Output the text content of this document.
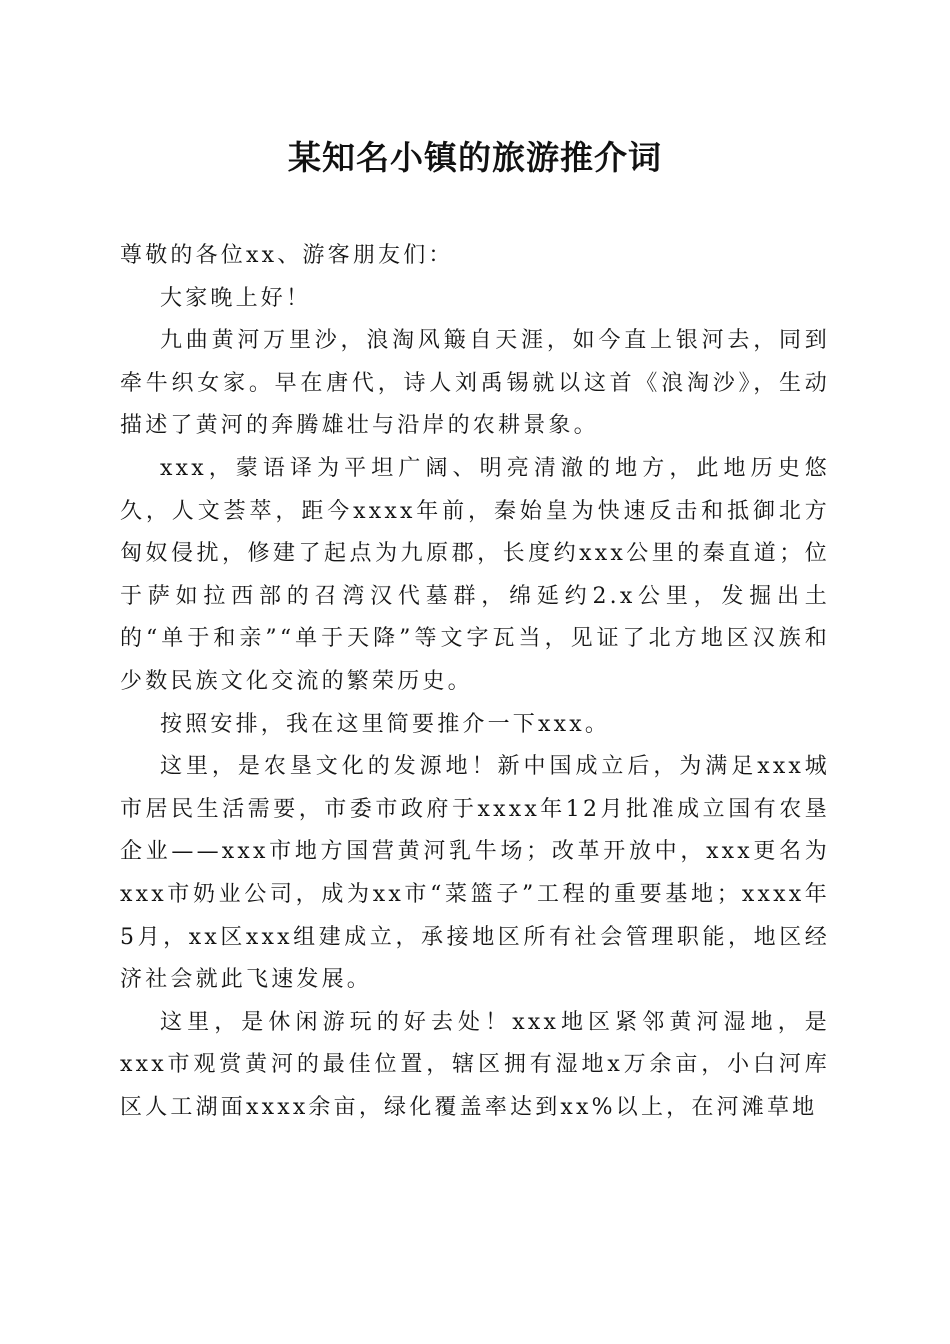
某知名小镇的旅游推介词

尊敬的各位xx、游客朋友们：

大家晚上好！

九曲黄河万里沙，浪淘风簸自天涯，如今直上银河去，同到牵牛织女家。早在唐代，诗人刘禹锡就以这首《浪淘沙》，生动描述了黄河的奔腾雄壮与沿岸的农耕景象。

xxx，蒙语译为平坦广阔、明亮清澈的地方，此地历史悠久，人文荟萃，距今xxxx年前，秦始皇为快速反击和抵御北方匈奴侵扰，修建了起点为九原郡，长度约xxx公里的秦直道；位于萨如拉西部的召湾汉代墓群，绵延约2.x公里，发掘出土的“单于和亲”“单于天降”等文字瓦当，见证了北方地区汉族和少数民族文化交流的繁荣历史。

按照安排，我在这里简要推介一下xxx。

这里，是农垦文化的发源地！新中国成立后，为满足xxx城市居民生活需要，市委市政府于xxxx年12月批准成立国有农垦企业——xxx市地方国营黄河乳牛场；改革开放中，xxx更名为xxx市奶业公司，成为xx市“菜篮子”工程的重要基地；xxxx年5月，xx区xxx组建成立，承接地区所有社会管理职能，地区经济社会就此飞速发展。

这里，是休闲游玩的好去处！xxx地区紧邻黄河湿地，是xxx市观赏黄河的最佳位置，辖区拥有湿地x万余亩，小白河库区人工湖面xxxx余亩，绿化覆盖率达到xx%以上，在河滩草地
